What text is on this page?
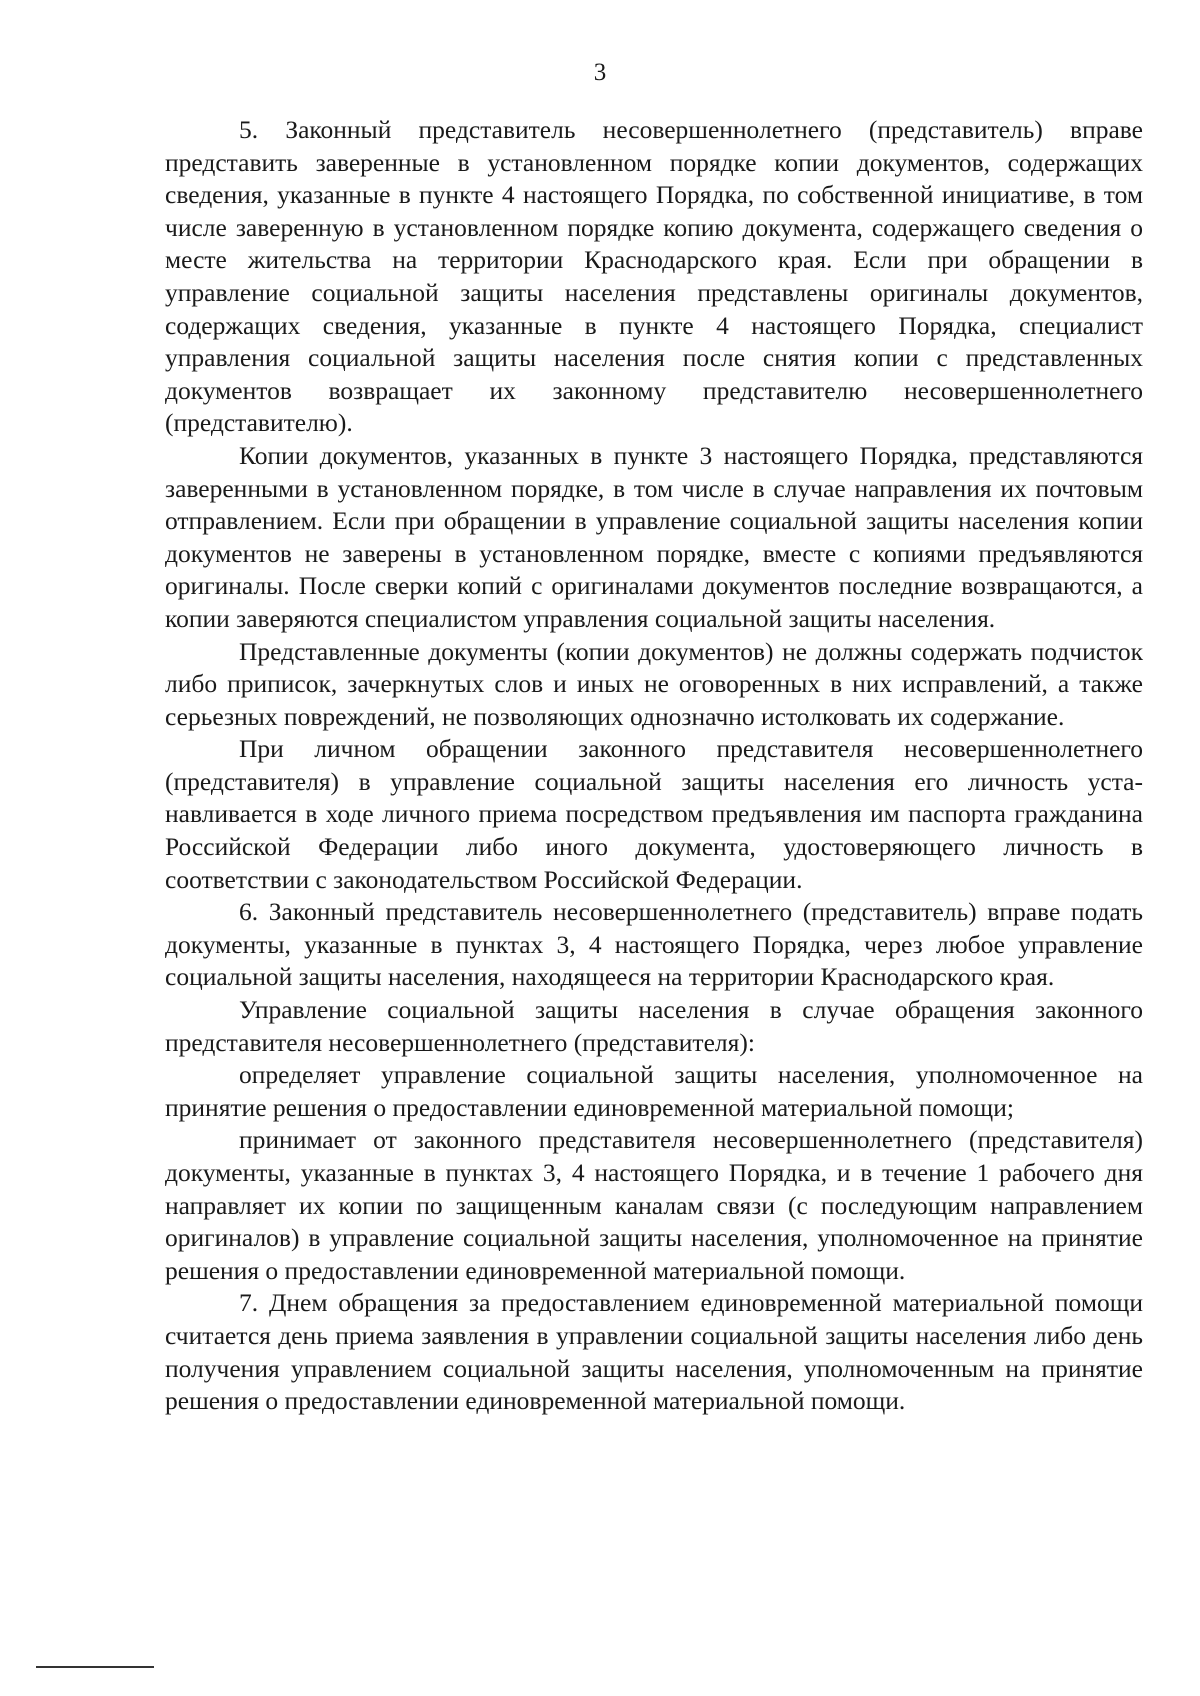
3

5. Законный представитель несовершеннолетнего (представитель) вправе представить заверенные в установленном порядке копии документов, содержащих сведения, указанные в пункте 4 настоящего Порядка, по собственной инициативе, в том числе заверенную в установленном порядке копию документа, содержащего сведения о месте жительства на территории Краснодарского края. Если при обращении в управление социальной защиты населения представлены оригиналы документов, содержащих сведения, указанные в пункте 4 настоящего Порядка, специалист управления социальной защиты населения после снятия копии с представленных документов возвращает их законному представителю несовершеннолетнего (представителю).

Копии документов, указанных в пункте 3 настоящего Порядка, представляются заверенными в установленном порядке, в том числе в случае направления их почтовым отправлением. Если при обращении в управление социальной защиты населения копии документов не заверены в установленном порядке, вместе с копиями предъявляются оригиналы. После сверки копий с оригиналами документов последние возвращаются, а копии заверяются специалистом управления социальной защиты населения.

Представленные документы (копии документов) не должны содержать подчисток либо приписок, зачеркнутых слов и иных не оговоренных в них исправлений, а также серьезных повреждений, не позволяющих однозначно истолковать их содержание.

При личном обращении законного представителя несовершеннолетнего (представителя) в управление социальной защиты населения его личность устанавливается в ходе личного приема посредством предъявления им паспорта гражданина Российской Федерации либо иного документа, удостоверяющего личность в соответствии с законодательством Российской Федерации.

6. Законный представитель несовершеннолетнего (представитель) вправе подать документы, указанные в пунктах 3, 4 настоящего Порядка, через любое управление социальной защиты населения, находящееся на территории Краснодарского края.

Управление социальной защиты населения в случае обращения законного представителя несовершеннолетнего (представителя):

определяет управление социальной защиты населения, уполномоченное на принятие решения о предоставлении единовременной материальной помощи;

принимает от законного представителя несовершеннолетнего (представителя) документы, указанные в пунктах 3, 4 настоящего Порядка, и в течение 1 рабочего дня направляет их копии по защищенным каналам связи (с последующим направлением оригиналов) в управление социальной защиты населения, уполномоченное на принятие решения о предоставлении единовременной материальной помощи.

7. Днем обращения за предоставлением единовременной материальной помощи считается день приема заявления в управлении социальной защиты населения либо день получения управлением социальной защиты населения, уполномоченным на принятие решения о предоставлении единовременной материальной помощи.
